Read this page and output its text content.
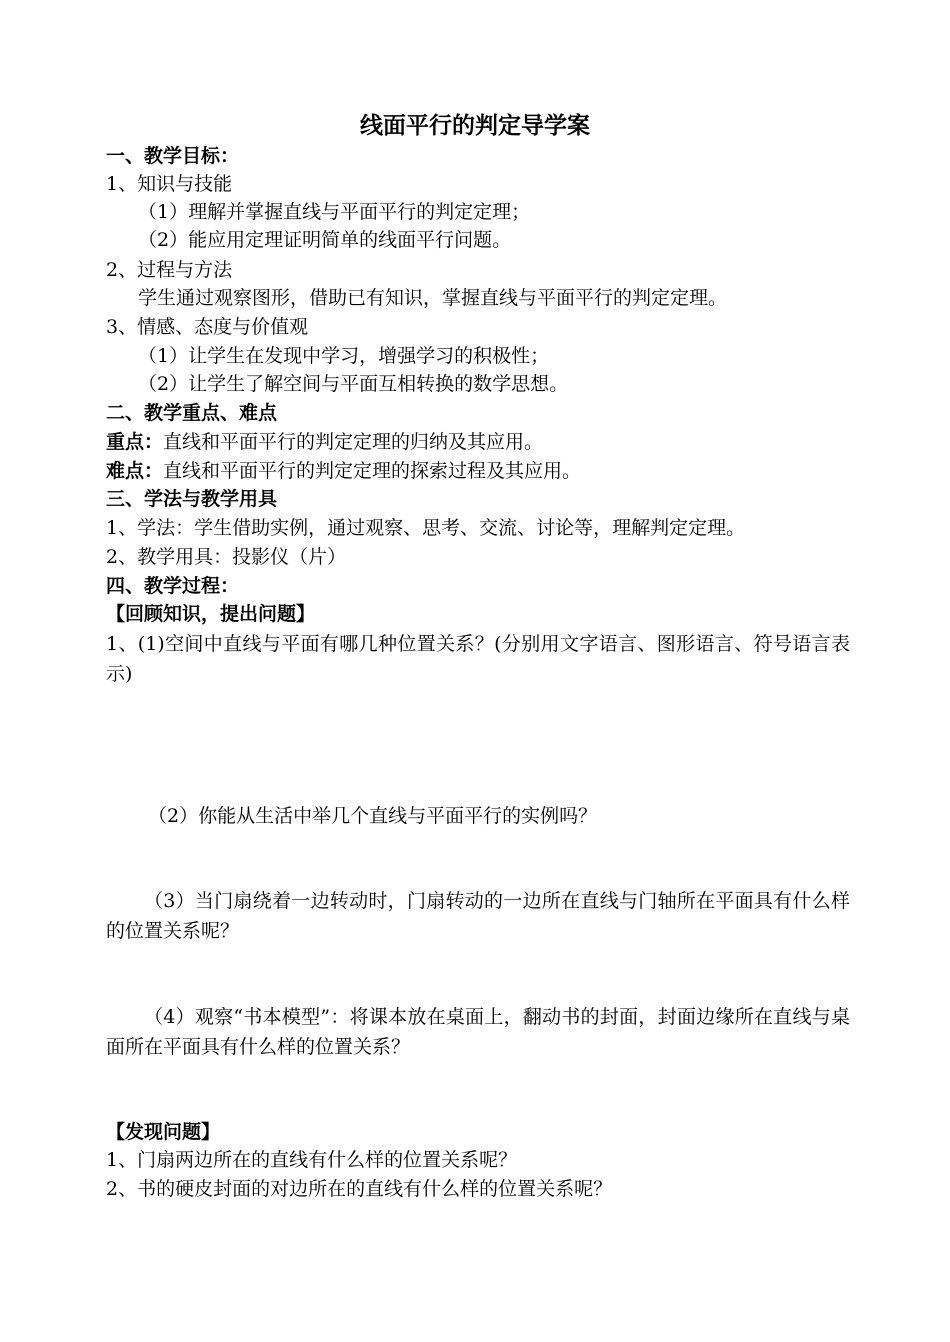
线面平行的判定导学案
一、教学目标：
1、知识与技能
（1）理解并掌握直线与平面平行的判定定理；
（2）能应用定理证明简单的线面平行问题。
2、过程与方法
学生通过观察图形，借助已有知识，掌握直线与平面平行的判定定理。
3、情感、态度与价值观
（1）让学生在发现中学习，增强学习的积极性；
（2）让学生了解空间与平面互相转换的数学思想。
二、教学重点、难点
重点：直线和平面平行的判定定理的归纳及其应用。
难点：直线和平面平行的判定定理的探索过程及其应用。
三、学法与教学用具
1、学法：学生借助实例，通过观察、思考、交流、讨论等，理解判定定理。
2、教学用具：投影仪（片）
四、教学过程：
【回顾知识，提出问题】
1、(1)空间中直线与平面有哪几种位置关系？(分别用文字语言、图形语言、符号语言表示)
（2）你能从生活中举几个直线与平面平行的实例吗？
（3）当门扇绕着一边转动时，门扇转动的一边所在直线与门轴所在平面具有什么样的位置关系呢？
（4）观察“书本模型”：将课本放在桌面上，翻动书的封面，封面边缘所在直线与桌面所在平面具有什么样的位置关系？
【发现问题】
1、门扇两边所在的直线有什么样的位置关系呢？
2、书的硬皮封面的对边所在的直线有什么样的位置关系呢？
